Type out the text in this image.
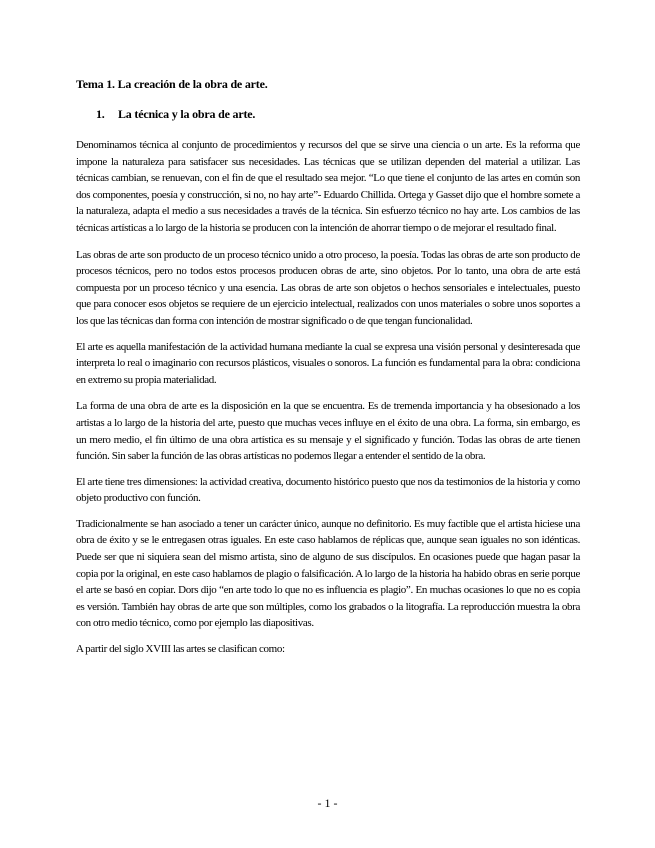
Tema 1. La creación de la obra de arte.

1. La técnica y la obra de arte.

Denominamos técnica al conjunto de procedimientos y recursos del que se sirve una ciencia o un arte. Es la reforma que impone la naturaleza para satisfacer sus necesidades. Las técnicas que se utilizan dependen del material a utilizar. Las técnicas cambian, se renuevan, con el fin de que el resultado sea mejor. “Lo que tiene el conjunto de las artes en común son dos componentes, poesía y construcción, si no, no hay arte”- Eduardo Chillida. Ortega y Gasset dijo que el hombre somete a la naturaleza, adapta el medio a sus necesidades a través de la técnica. Sin esfuerzo técnico no hay arte. Los cambios de las técnicas artísticas a lo largo de la historia se producen con la intención de ahorrar tiempo o de mejorar el resultado final.

Las obras de arte son producto de un proceso técnico unido a otro proceso, la poesía. Todas las obras de arte son producto de procesos técnicos, pero no todos estos procesos producen obras de arte, sino objetos. Por lo tanto, una obra de arte está compuesta por un proceso técnico y una esencia. Las obras de arte son objetos o hechos sensoriales e intelectuales, puesto que para conocer esos objetos se requiere de un ejercicio intelectual, realizados con unos materiales o sobre unos soportes a los que las técnicas dan forma con intención de mostrar significado o de que tengan funcionalidad.

El arte es aquella manifestación de la actividad humana mediante la cual se expresa una visión personal y desinteresada que interpreta lo real o imaginario con recursos plásticos, visuales o sonoros. La función es fundamental para la obra: condiciona en extremo su propia materialidad.

La forma de una obra de arte es la disposición en la que se encuentra. Es de tremenda importancia y ha obsesionado a los artistas a lo largo de la historia del arte, puesto que muchas veces influye en el éxito de una obra. La forma, sin embargo, es un mero medio, el fin último de una obra artística es su mensaje y el significado y función. Todas las obras de arte tienen función. Sin saber la función de las obras artísticas no podemos llegar a entender el sentido de la obra.

El arte tiene tres dimensiones: la actividad creativa, documento histórico puesto que nos da testimonios de la historia y como objeto productivo con función.

Tradicionalmente se han asociado a tener un carácter único, aunque no definitorio. Es muy factible que el artista hiciese una obra de éxito y se le entregasen otras iguales. En este caso hablamos de réplicas que, aunque sean iguales no son idénticas. Puede ser que ni siquiera sean del mismo artista, sino de alguno de sus discípulos. En ocasiones puede que hagan pasar la copia por la original, en este caso hablamos de plagio o falsificación. A lo largo de la historia ha habido obras en serie porque el arte se basó en copiar. Dors dijo “en arte todo lo que no es influencia es plagio”. En muchas ocasiones lo que no es copia es versión. También hay obras de arte que son múltiples, como los grabados o la litografía. La reproducción muestra la obra con otro medio técnico, como por ejemplo las diapositivas.

A partir del siglo XVIII las artes se clasifican como:

- 1 -
